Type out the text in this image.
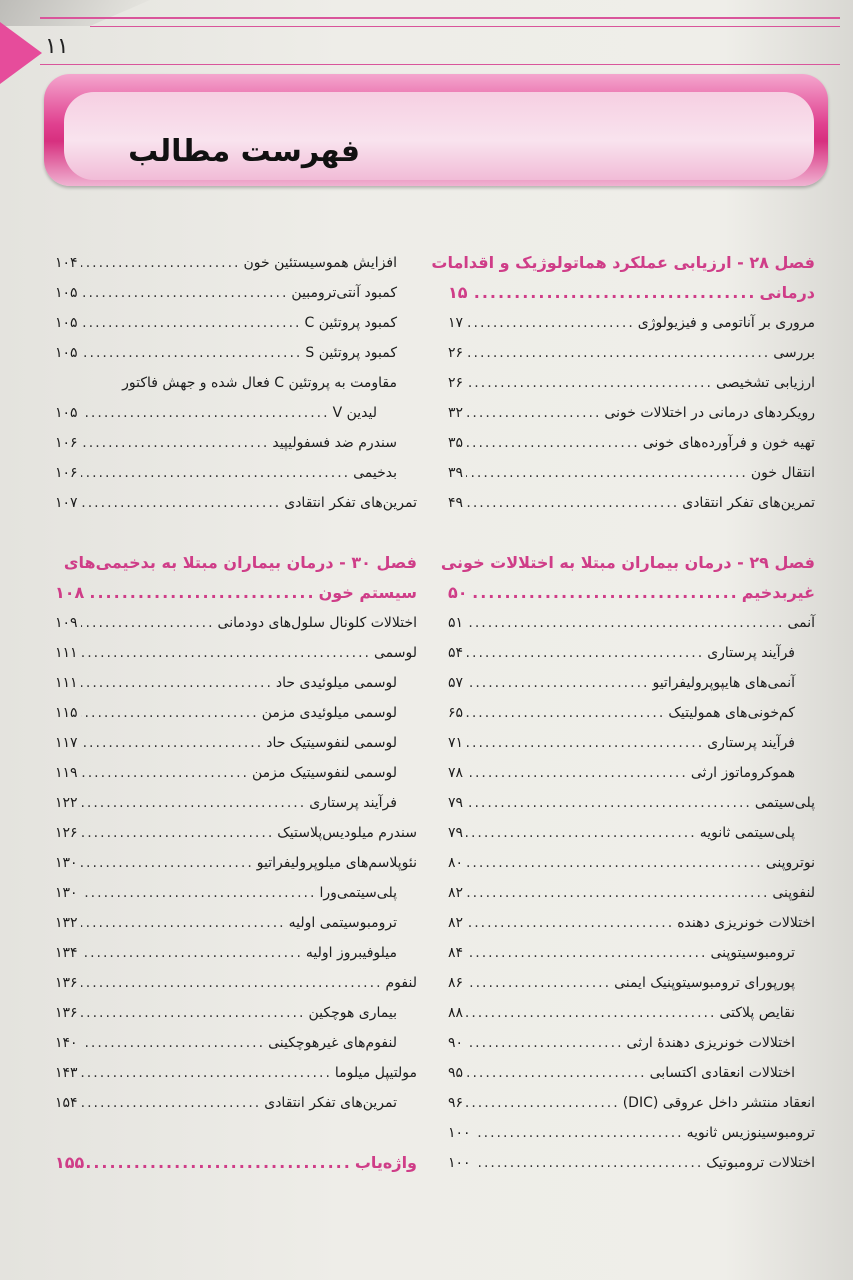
۱۱
فهرست مطالب
فصل ۲۸ - ارزیابی عملکرد هماتولوژیک و اقدامات
درمانی
.....
۱۵
مروری بر آناتومی و فیزیولوژی
.....
۱۷
بررسی
.....
۲۶
ارزیابی تشخیصی
.....
۲۶
رویکردهای درمانی در اختلالات خونی
.....
۳۲
تهیه خون و فرآورده‌های خونی
.....
۳۵
انتقال خون
.....
۳۹
تمرین‌های تفکر انتقادی
.....
۴۹
فصل ۲۹ - درمان بیماران مبتلا به اختلالات خونی
غیربدخیم
.....
۵۰
آنمی
.....
۵۱
فرآیند پرستاری
.....
۵۴
آنمی‌های هایپوپرولیفراتیو
.....
۵۷
کم‌خونی‌های همولیتیک
.....
۶۵
فرآیند پرستاری
.....
۷۱
هموکروماتوز ارثی
.....
۷۸
پلی‌سیتمی
.....
۷۹
پلی‌سیتمی ثانویه
.....
۷۹
نوتروپنی
.....
۸۰
لنفوپنی
.....
۸۲
اختلالات خونریزی دهنده
.....
۸۲
ترومبوسیتوپنی
.....
۸۴
پورپورای ترومبوسیتوپنیک ایمنی
.....
۸۶
نقایص پلاکتی
.....
۸۸
اختلالات خونریزی دهندهٔ ارثی
.....
۹۰
اختلالات انعقادی اکتسابی
.....
۹۵
انعقاد منتشر داخل عروقی (DIC)
.....
۹۶
ترومبوسینوزیس ثانویه
.....
۱۰۰
اختلالات ترومبوتیک
.....
۱۰۰
افزایش هموسیستئین خون
.....
۱۰۴
کمبود آنتی‌ترومبین
.....
۱۰۵
کمبود پروتئین C
.....
۱۰۵
کمبود پروتئین S
.....
۱۰۵
مقاومت به پروتئین C فعال شده و جهش فاکتور
لیدین V
.....
۱۰۵
سندرم ضد فسفولیپید
.....
۱۰۶
بدخیمی
.....
۱۰۶
تمرین‌های تفکر انتقادی
.....
۱۰۷
فصل ۳۰ - درمان بیماران مبتلا به بدخیمی‌های
سیستم خون
.....
۱۰۸
اختلالات کلونال سلول‌های دودمانی
.....
۱۰۹
لوسمی
.....
۱۱۱
لوسمی میلوئیدی حاد
.....
۱۱۱
لوسمی میلوئیدی مزمن
.....
۱۱۵
لوسمی لنفوسیتیک حاد
.....
۱۱۷
لوسمی لنفوسیتیک مزمن
.....
۱۱۹
فرآیند پرستاری
.....
۱۲۲
سندرم میلودیس‌پلاستیک
.....
۱۲۶
نئوپلاسم‌های میلوپرولیفراتیو
.....
۱۳۰
پلی‌سیتمی‌ورا
.....
۱۳۰
ترومبوسیتمی اولیه
.....
۱۳۲
میلوفیبروز اولیه
.....
۱۳۴
لنفوم
.....
۱۳۶
بیماری هوچکین
.....
۱۳۶
لنفوم‌های غیرهوچکینی
.....
۱۴۰
مولتیپل میلوما
.....
۱۴۳
تمرین‌های تفکر انتقادی
.....
۱۵۴
واژه‌یاب
.....
۱۵۵
